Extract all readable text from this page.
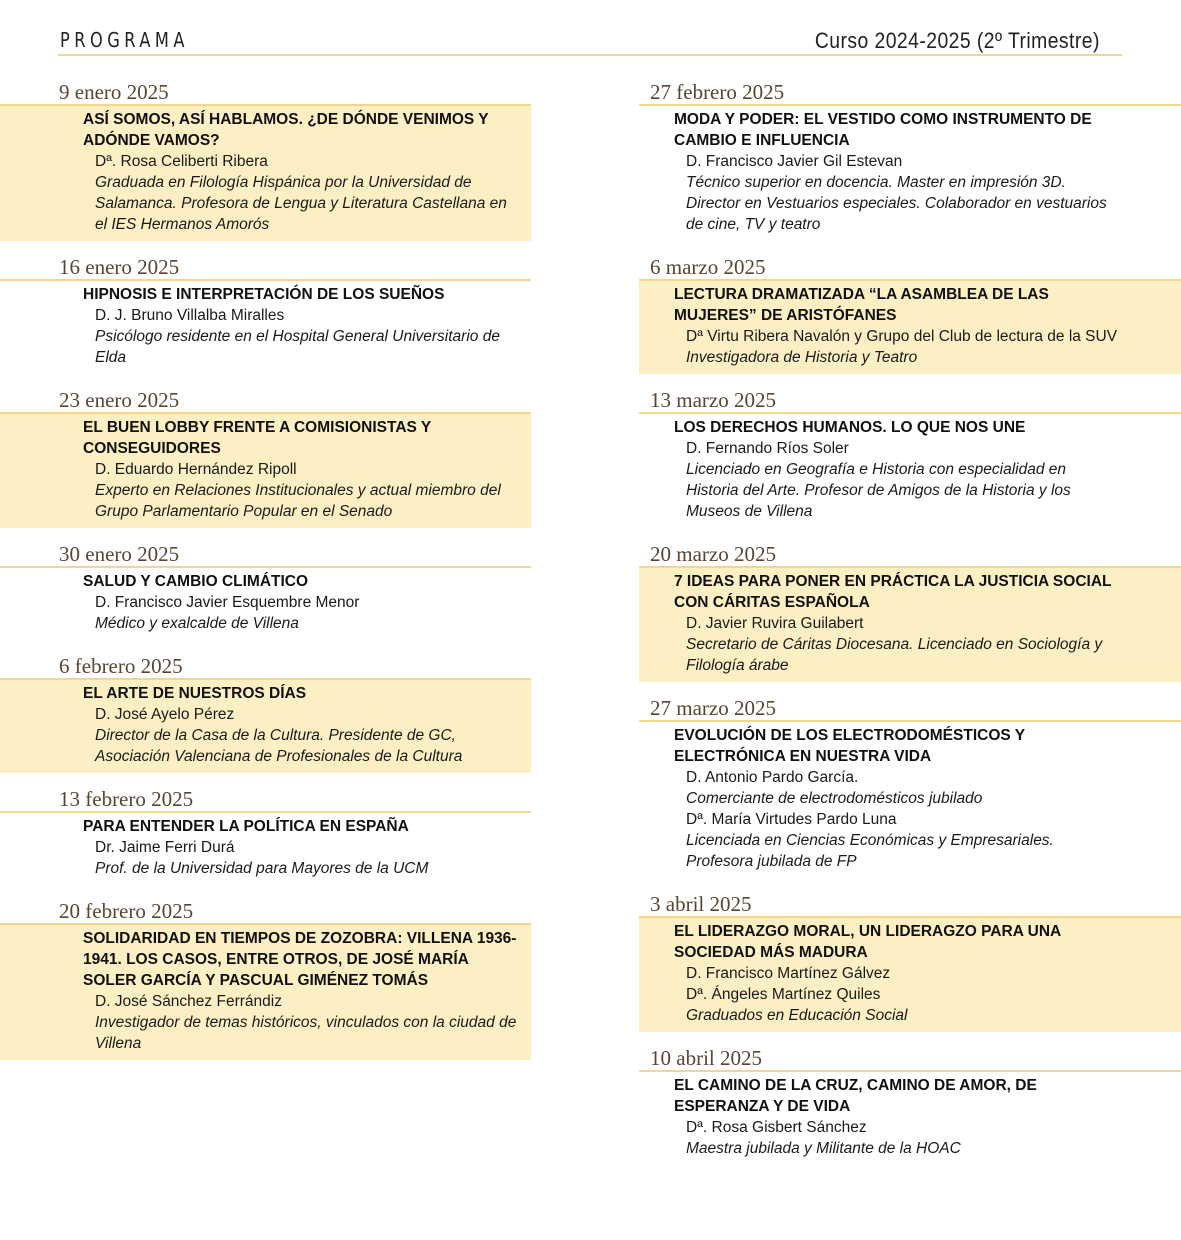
PROGRAMA	Curso 2024-2025 (2º Trimestre)
9 enero 2025
ASÍ SOMOS, ASÍ HABLAMOS. ¿DE DÓNDE VENIMOS Y ADÓNDE VAMOS?
Dª. Rosa Celiberti Ribera
Graduada en Filología Hispánica por la Universidad de Salamanca. Profesora de Lengua y Literatura Castellana en el IES Hermanos Amorós
16 enero 2025
HIPNOSIS E INTERPRETACIÓN DE LOS SUEÑOS
D. J. Bruno Villalba Miralles
Psicólogo residente en el Hospital General Universitario de Elda
23 enero 2025
EL BUEN LOBBY FRENTE A COMISIONISTAS Y CONSEGUIDORES
D. Eduardo Hernández Ripoll
Experto en Relaciones Institucionales y actual miembro del Grupo Parlamentario Popular en el Senado
30 enero 2025
SALUD Y CAMBIO CLIMÁTICO
D. Francisco Javier Esquembre Menor
Médico y exalcalde de Villena
6 febrero 2025
EL ARTE DE NUESTROS DÍAS
D. José Ayelo Pérez
Director de la Casa de la Cultura. Presidente de GC, Asociación Valenciana de Profesionales de la Cultura
13 febrero 2025
PARA ENTENDER LA POLÍTICA EN ESPAÑA
Dr. Jaime Ferri Durá
Prof. de la Universidad para Mayores de la UCM
20 febrero 2025
SOLIDARIDAD EN TIEMPOS DE ZOZOBRA: VILLENA 1936-1941. LOS CASOS, ENTRE OTROS, DE JOSÉ MARÍA SOLER GARCÍA Y PASCUAL GIMÉNEZ TOMÁS
D. José Sánchez Ferrándiz
Investigador de temas históricos, vinculados con la ciudad de Villena
27 febrero 2025
MODA Y PODER: EL VESTIDO COMO INSTRUMENTO DE CAMBIO E INFLUENCIA
D. Francisco Javier Gil Estevan
Técnico superior en docencia. Master en impresión 3D. Director en Vestuarios especiales. Colaborador en vestuarios de cine, TV y teatro
6 marzo 2025
LECTURA DRAMATIZADA “LA ASAMBLEA DE LAS MUJERES” DE ARISTÓFANES
Dª Virtu Ribera Navalón y Grupo del Club de lectura de la SUV
Investigadora de Historia y Teatro
13 marzo 2025
LOS DERECHOS HUMANOS. LO QUE NOS UNE
D. Fernando Ríos Soler
Licenciado en Geografía e Historia con especialidad en Historia del Arte. Profesor de Amigos de la Historia y los Museos de Villena
20 marzo 2025
7 IDEAS PARA PONER EN PRÁCTICA LA JUSTICIA SOCIAL CON CÁRITAS ESPAÑOLA
D. Javier Ruvira Guilabert
Secretario de Cáritas Diocesana. Licenciado en Sociología y Filología árabe
27 marzo 2025
EVOLUCIÓN DE LOS ELECTRODOMÉSTICOS Y ELECTRÓNICA EN NUESTRA VIDA
D. Antonio Pardo García.
Comerciante de electrodomésticos jubilado
Dª. María Virtudes Pardo Luna
Licenciada en Ciencias Económicas y Empresariales. Profesora jubilada de FP
3 abril 2025
EL LIDERAZGO MORAL, UN LIDERAGZO PARA UNA SOCIEDAD MÁS MADURA
D. Francisco Martínez Gálvez
Dª. Ángeles Martínez Quiles
Graduados en Educación Social
10 abril 2025
EL CAMINO DE LA CRUZ, CAMINO DE AMOR, DE ESPERANZA Y DE VIDA
Dª. Rosa Gisbert Sánchez
Maestra jubilada y Militante de la HOAC
